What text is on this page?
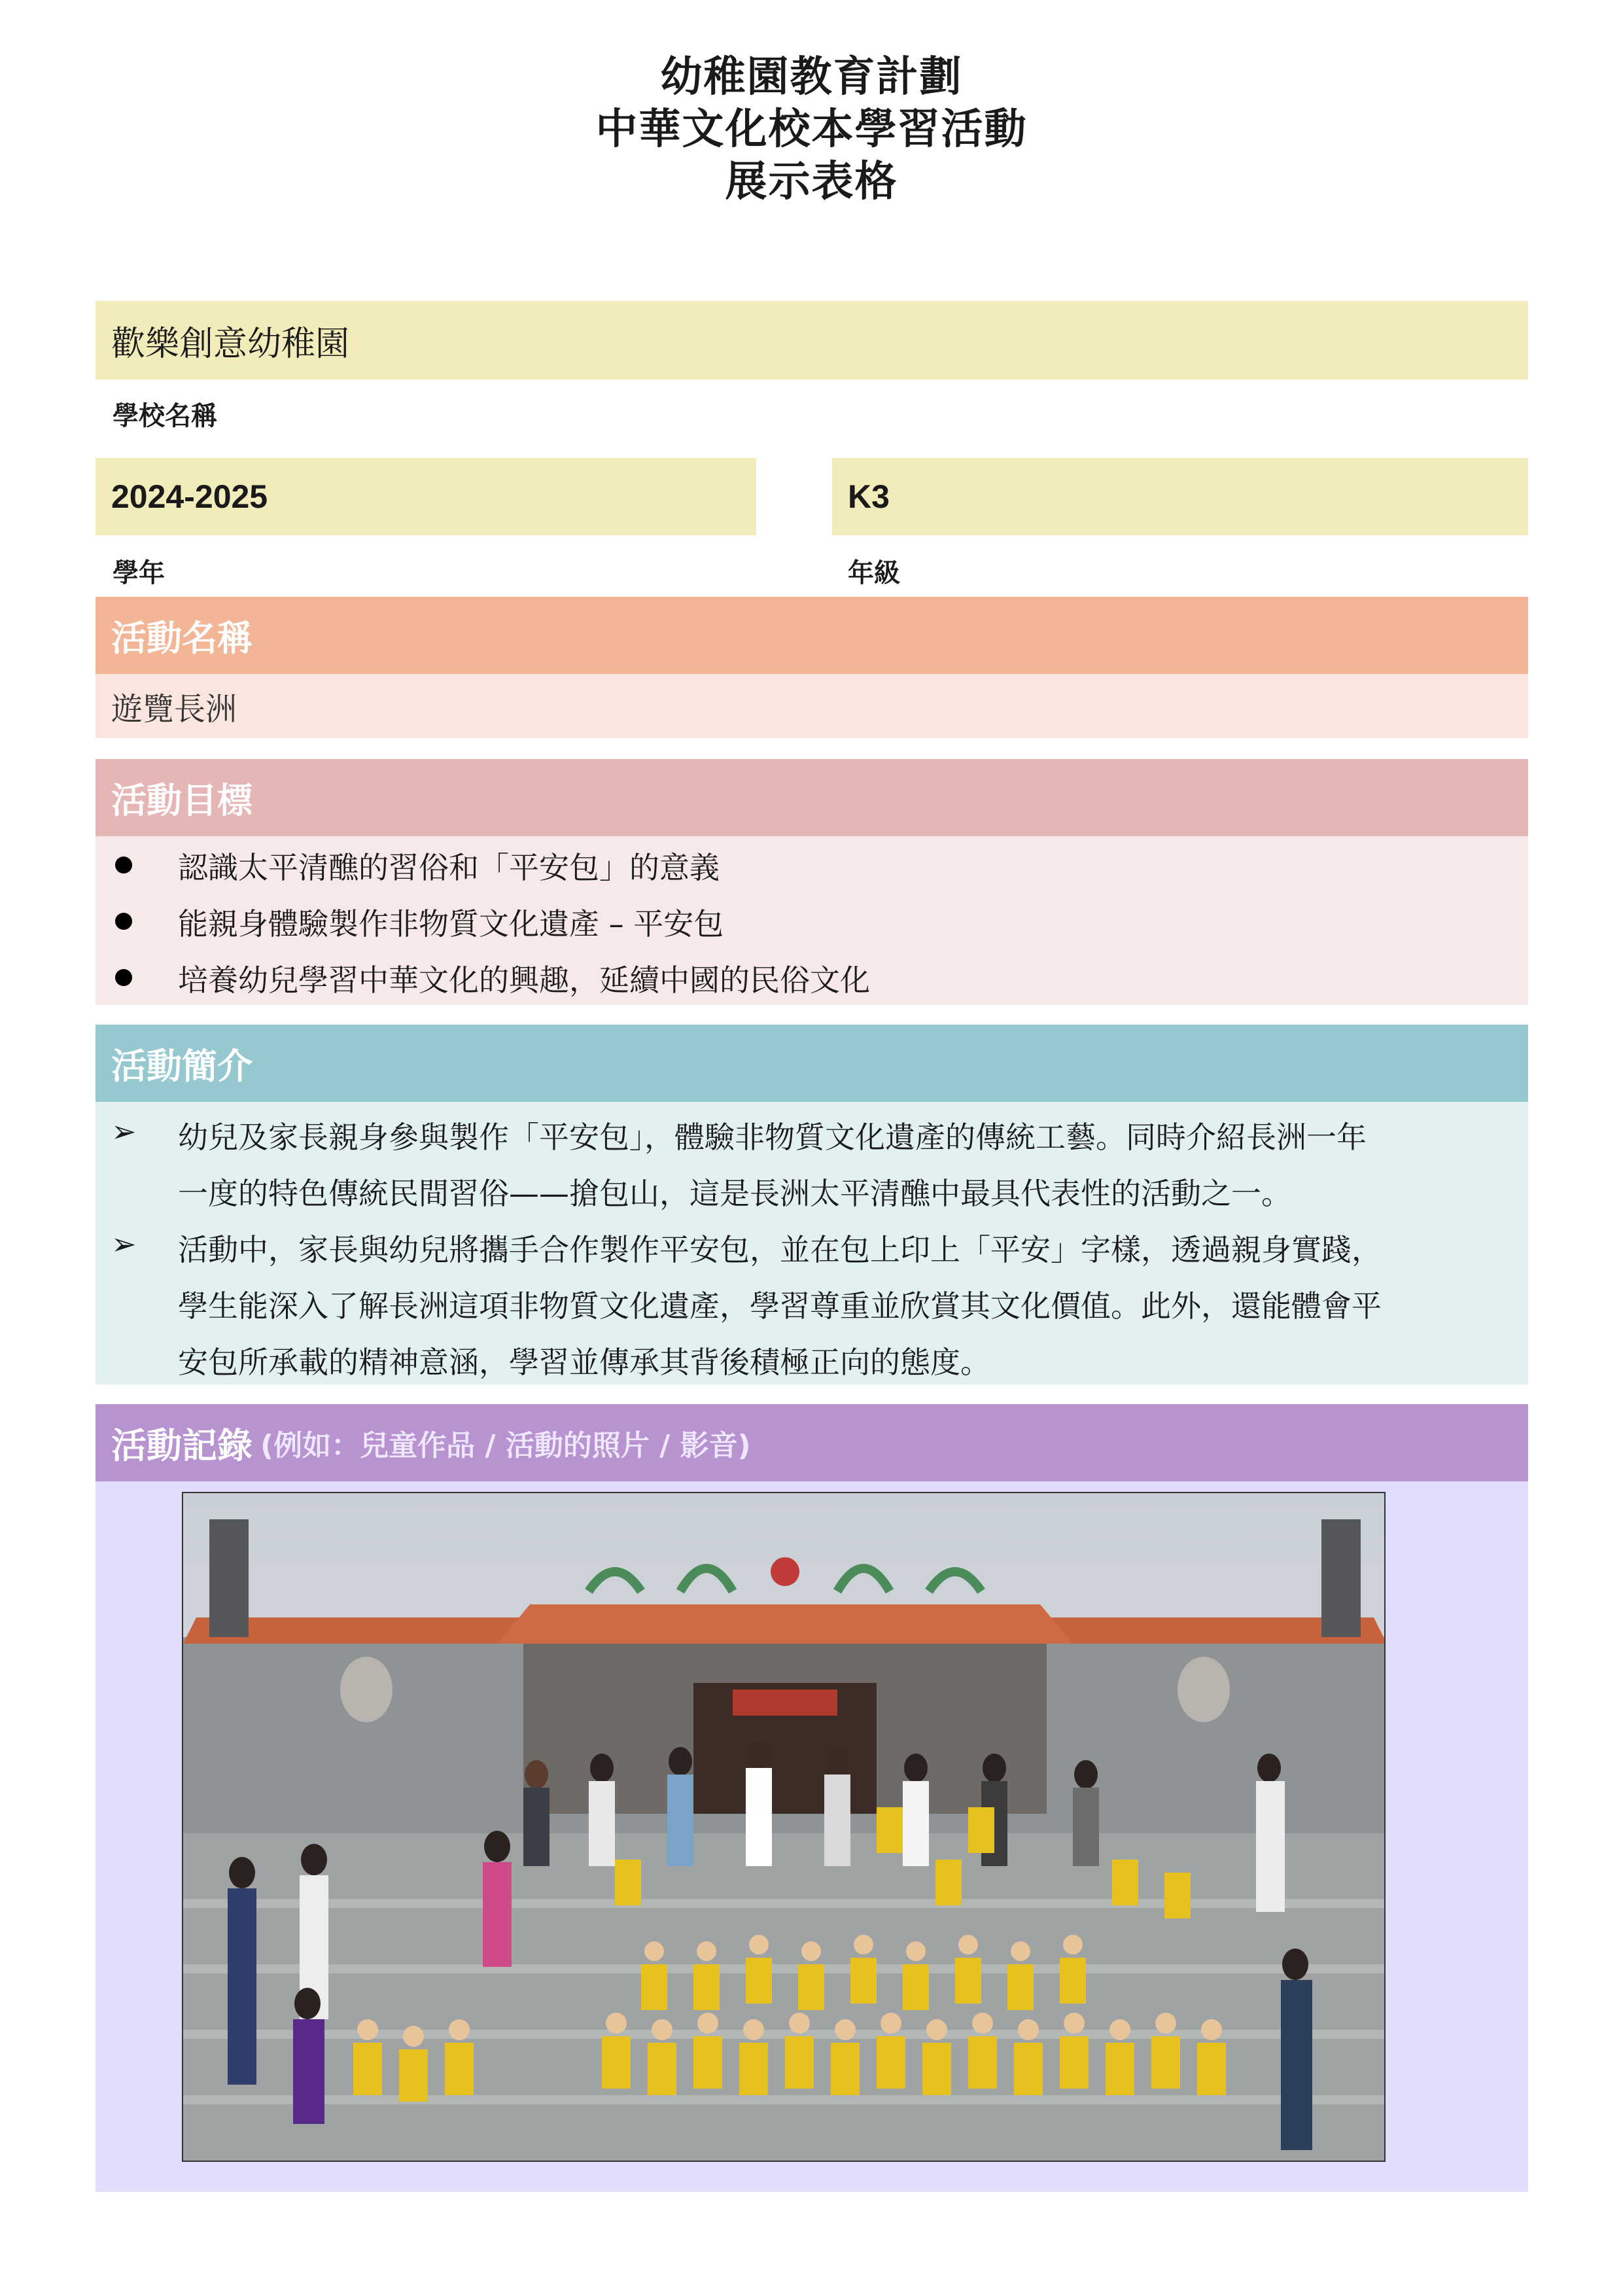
幼稚園教育計劃
中華文化校本學習活動
展示表格
歡樂創意幼稚園
學校名稱
2024-2025
學年
K3
年級
活動名稱
遊覽長洲
活動目標
認識太平清醮的習俗和「平安包」的意義
能親身體驗製作非物質文化遺產 – 平安包
培養幼兒學習中華文化的興趣，延續中國的民俗文化
活動簡介
➢ 幼兒及家長親身參與製作「平安包」，體驗非物質文化遺產的傳統工藝。同時介紹長洲一年
一度的特色傳統民間習俗——搶包山，這是長洲太平清醮中最具代表性的活動之一。
➢ 活動中，家長與幼兒將攜手合作製作平安包，並在包上印上「平安」字樣，透過親身實踐，
學生能深入了解長洲這項非物質文化遺產，學習尊重並欣賞其文化價值。此外，還能體會平
安包所承載的精神意涵，學習並傳承其背後積極正向的態度。
活動記錄 (例如：兒童作品 / 活動的照片 / 影音)
